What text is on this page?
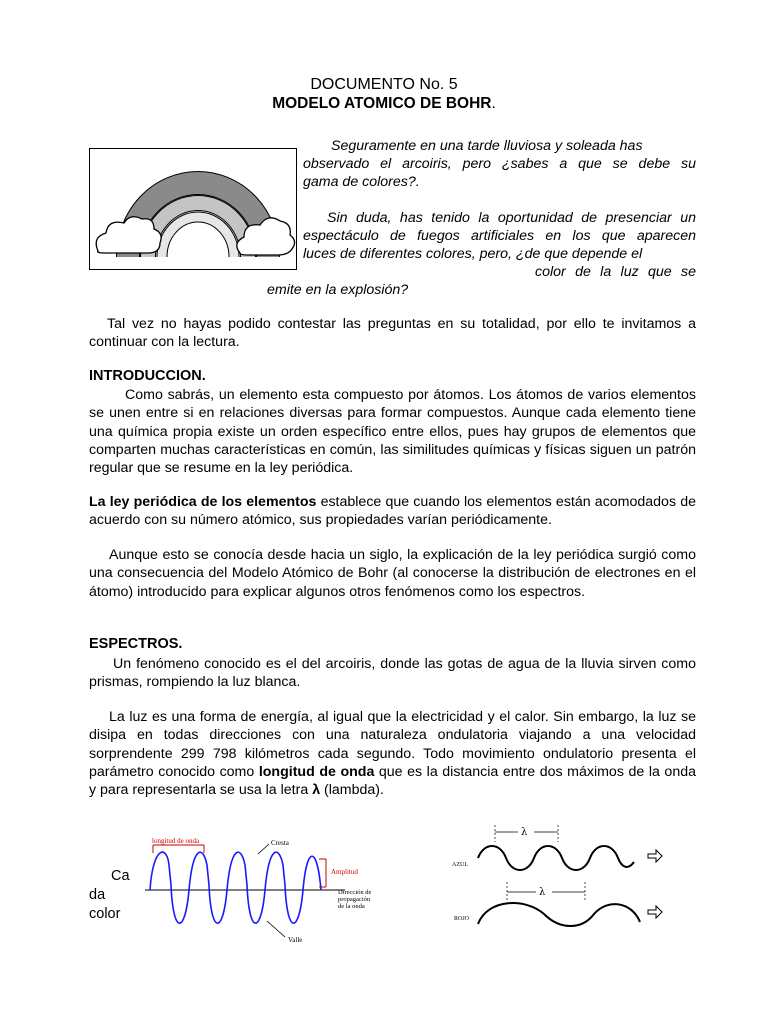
DOCUMENTO No. 5
MODELO ATOMICO DE BOHR.

Seguramente en una tarde lluviosa y soleada has

observado el arcoiris, pero ¿sabes a que se debe su

gama de colores?.

Sin duda, has tenido la oportunidad de presenciar un

espectáculo de fuegos artificiales en los que aparecen

luces de diferentes colores, pero, ¿de que depende el

color de la luz que se

emite en la explosión?

Tal vez no hayas podido contestar las preguntas en su totalidad, por ello te invitamos a continuar con la lectura.

INTRODUCCION.

Como sabrás, un elemento esta compuesto por átomos. Los átomos de varios elementos se unen entre si en relaciones diversas para formar compuestos. Aunque cada elemento tiene una química propia existe un orden específico entre ellos, pues hay grupos de elementos que comparten muchas características en común, las similitudes químicas y físicas siguen un patrón regular que se resume en la ley periódica.

La ley periódica de los elementos establece que cuando los elementos están acomodados de acuerdo con su número atómico, sus propiedades varían periódicamente.

Aunque esto se conocía desde hacia un siglo, la explicación de la ley periódica surgió como una consecuencia del Modelo Atómico de Bohr (al conocerse la distribución de electrones en el átomo) introducido para explicar algunos otros fenómenos como los espectros.

ESPECTROS.

Un fenómeno conocido es el del arcoiris, donde las gotas de agua de la lluvia sirven como prismas, rompiendo la luz blanca.

La luz es una forma de energía, al igual que la electricidad y el calor. Sin embargo, la luz se disipa en todas direcciones con una naturaleza ondulatoria viajando a una velocidad sorprendente 299 798 kilómetros cada segundo. Todo movimiento ondulatorio presenta el parámetro conocido como longitud de onda que es la distancia entre dos máximos de la onda y para representarla se usa la letra λ (lambda).

Ca
da
color
longitud de onda	Cresta
Amplitud
Dirección de
propagación
de la onda
Valle
λ
AZUL
λ
ROJO
